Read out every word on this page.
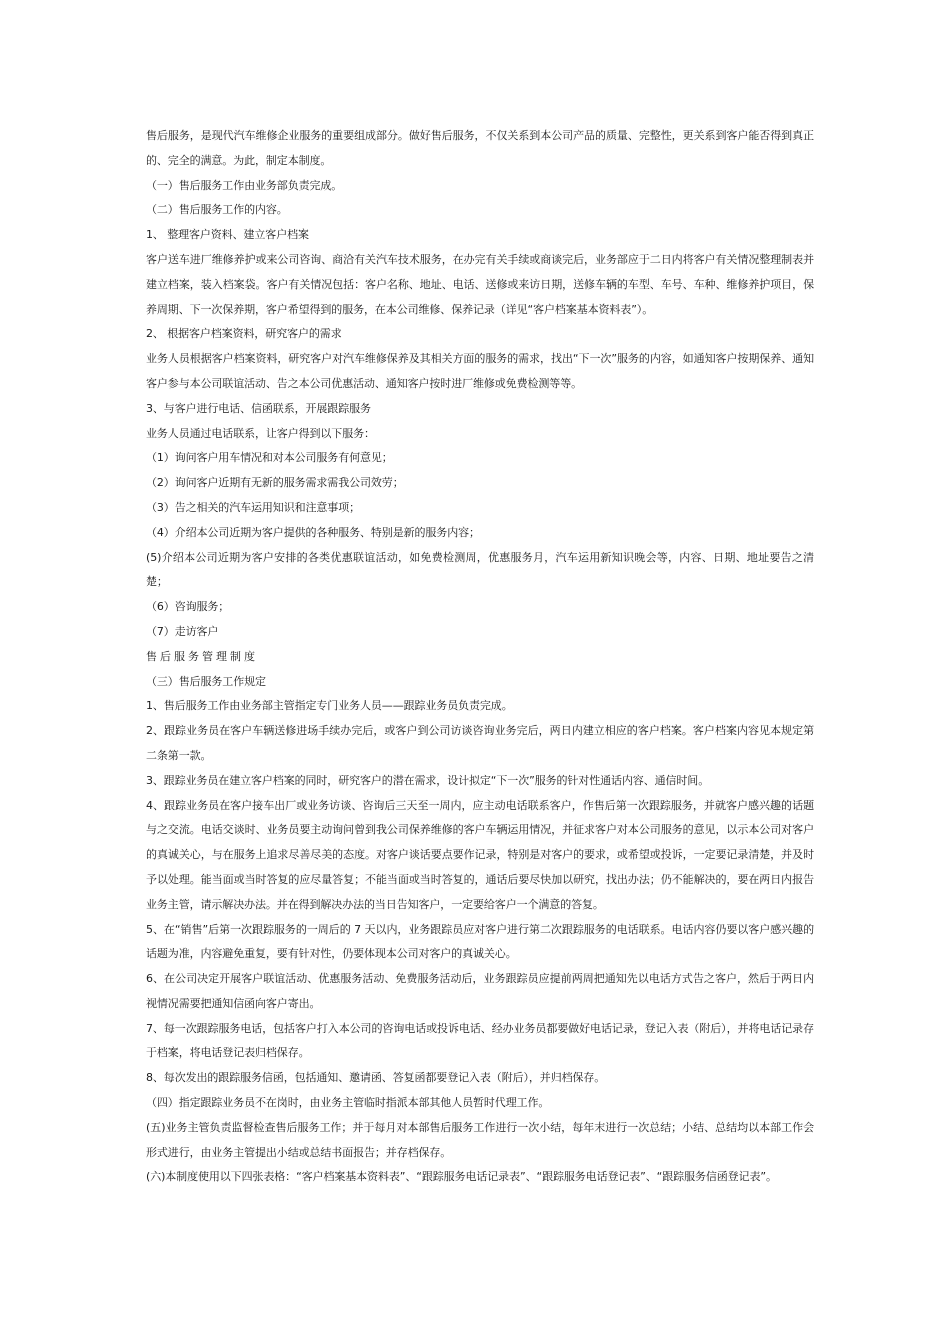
售后服务，是现代汽车维修企业服务的重要组成部分。做好售后服务，不仅关系到本公司产品的质量、完整性，更关系到客户能否得到真正的、完全的满意。为此，制定本制度。

（一）售后服务工作由业务部负责完成。

（二）售后服务工作的内容。

1、 整理客户资料、建立客户档案

客户送车进厂维修养护或来公司咨询、商洽有关汽车技术服务，在办完有关手续或商谈完后，业务部应于二日内将客户有关情况整理制表并建立档案，装入档案袋。客户有关情况包括：客户名称、地址、电话、送修或来访日期，送修车辆的车型、车号、车种、维修养护项目，保养周期、下一次保养期，客户希望得到的服务，在本公司维修、保养记录（详见“客户档案基本资料表”）。

2、 根据客户档案资料，研究客户的需求

业务人员根据客户档案资料，研究客户对汽车维修保养及其相关方面的服务的需求，找出“下一次”服务的内容，如通知客户按期保养、通知客户参与本公司联谊活动、告之本公司优惠活动、通知客户按时进厂维修或免费检测等等。

3、与客户进行电话、信函联系，开展跟踪服务

业务人员通过电话联系，让客户得到以下服务：

（1）询问客户用车情况和对本公司服务有何意见；

（2）询问客户近期有无新的服务需求需我公司效劳；

（3）告之相关的汽车运用知识和注意事项；

（4）介绍本公司近期为客户提供的各种服务、特别是新的服务内容；

(5)介绍本公司近期为客户安排的各类优惠联谊活动，如免费检测周，优惠服务月，汽车运用新知识晚会等，内容、日期、地址要告之清楚；

（6）咨询服务；

（7）走访客户

售后服务管理制度

（三）售后服务工作规定

1、售后服务工作由业务部主管指定专门业务人员——跟踪业务员负责完成。

2、跟踪业务员在客户车辆送修进场手续办完后，或客户到公司访谈咨询业务完后，两日内建立相应的客户档案。客户档案内容见本规定第二条第一款。

3、跟踪业务员在建立客户档案的同时，研究客户的潜在需求，设计拟定“下一次”服务的针对性通话内容、通信时间。

4、跟踪业务员在客户接车出厂或业务访谈、咨询后三天至一周内，应主动电话联系客户，作售后第一次跟踪服务，并就客户感兴趣的话题与之交流。电话交谈时、业务员要主动询问曾到我公司保养维修的客户车辆运用情况，并征求客户对本公司服务的意见，以示本公司对客户的真诚关心，与在服务上追求尽善尽美的态度。对客户谈话要点要作记录，特别是对客户的要求，或希望或投诉，一定要记录清楚，并及时予以处理。能当面或当时答复的应尽量答复；不能当面或当时答复的，通话后要尽快加以研究，找出办法；仍不能解决的，要在两日内报告业务主管，请示解决办法。并在得到解决办法的当日告知客户，一定要给客户一个满意的答复。

5、在“销售”后第一次跟踪服务的一周后的 7 天以内，业务跟踪员应对客户进行第二次跟踪服务的电话联系。电话内容仍要以客户感兴趣的话题为准，内容避免重复，要有针对性，仍要体现本公司对客户的真诚关心。

6、在公司决定开展客户联谊活动、优惠服务活动、免费服务活动后，业务跟踪员应提前两周把通知先以电话方式告之客户，然后于两日内视情况需要把通知信函向客户寄出。

7、每一次跟踪服务电话，包括客户打入本公司的咨询电话或投诉电话、经办业务员都要做好电话记录，登记入表（附后），并将电话记录存于档案，将电话登记表归档保存。

8、每次发出的跟踪服务信函，包括通知、邀请函、答复函都要登记入表（附后），并归档保存。

（四）指定跟踪业务员不在岗时，由业务主管临时指派本部其他人员暂时代理工作。

(五)业务主管负责监督检查售后服务工作；并于每月对本部售后服务工作进行一次小结，每年末进行一次总结；小结、总结均以本部工作会形式进行，由业务主管提出小结或总结书面报告；并存档保存。

(六)本制度使用以下四张表格：“客户档案基本资料表”、“跟踪服务电话记录表”、“跟踪服务电话登记表”、“跟踪服务信函登记表”。
